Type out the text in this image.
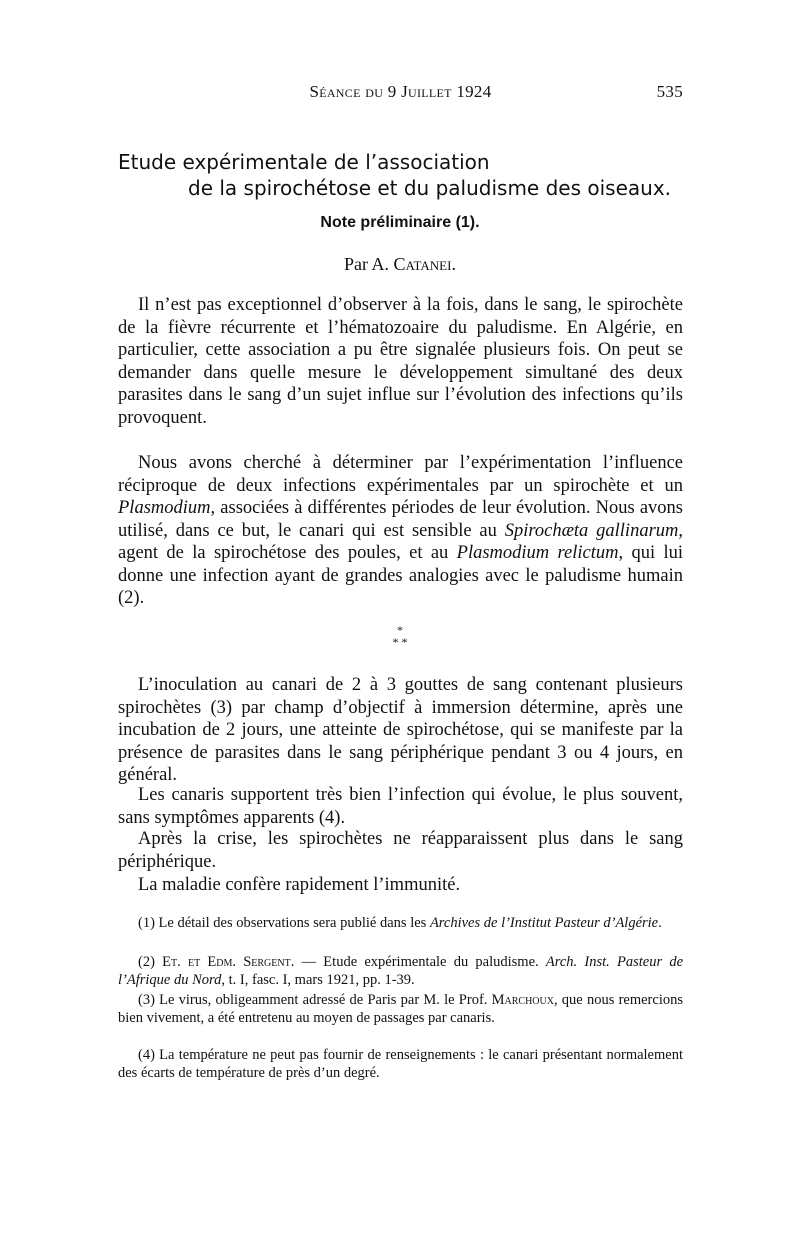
Séance du 9 Juillet 1924	535
Etude expérimentale de l’association
de la spirochétose et du paludisme des oiseaux.
Note préliminaire (1).
Par A. Catanei.

Il n’est pas exceptionnel d’observer à la fois, dans le sang, le spirochète de la fièvre récurrente et l’hématozoaire du paludisme. En Algérie, en particulier, cette association a pu être signalée plusieurs fois. On peut se demander dans quelle mesure le développement simultané des deux parasites dans le sang d’un sujet influe sur l’évolution des infections qu’ils provoquent.

Nous avons cherché à déterminer par l’expérimentation l’influence réciproque de deux infections expérimentales par un spirochète et un Plasmodium, associées à différentes périodes de leur évolution. Nous avons utilisé, dans ce but, le canari qui est sensible au Spirochæta gallinarum, agent de la spirochétose des poules, et au Plasmodium relictum, qui lui donne une infection ayant de grandes analogies avec le paludisme humain (2).

*
* *

L’inoculation au canari de 2 à 3 gouttes de sang contenant plusieurs spirochètes (3) par champ d’objectif à immersion détermine, après une incubation de 2 jours, une atteinte de spirochétose, qui se manifeste par la présence de parasites dans le sang périphérique pendant 3 ou 4 jours, en général.

Les canaris supportent très bien l’infection qui évolue, le plus souvent, sans symptômes apparents (4).

Après la crise, les spirochètes ne réapparaissent plus dans le sang périphérique.

La maladie confère rapidement l’immunité.

(1) Le détail des observations sera publié dans les Archives de l’Institut Pasteur d’Algérie.

(2) Et. et Edm. Sergent. — Etude expérimentale du paludisme. Arch. Inst. Pasteur de l’Afrique du Nord, t. I, fasc. I, mars 1921, pp. 1-39.

(3) Le virus, obligeamment adressé de Paris par M. le Prof. Marchoux, que nous remercions bien vivement, a été entretenu au moyen de passages par canaris.

(4) La température ne peut pas fournir de renseignements : le canari présentant normalement des écarts de température de près d’un degré.
